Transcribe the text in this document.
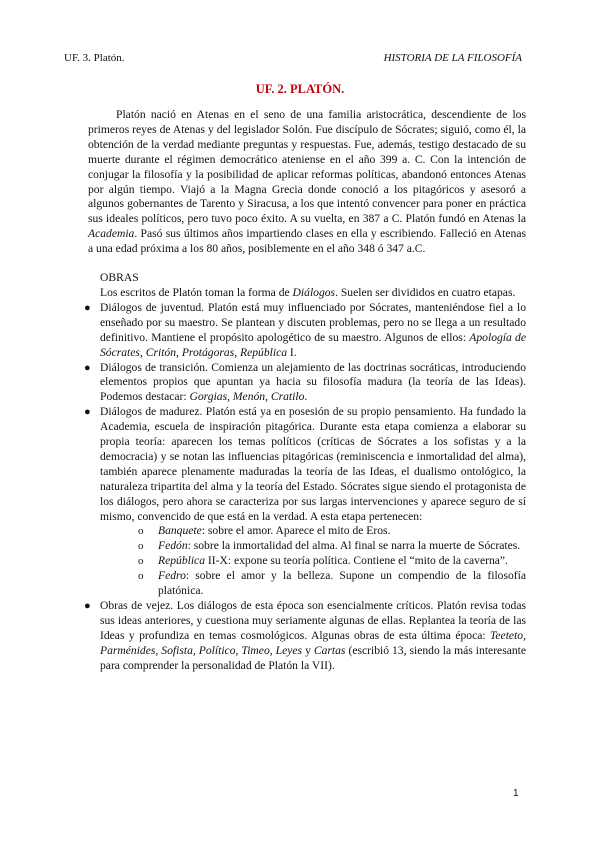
UF. 3. Platón.	HISTORIA DE LA FILOSOFÍA
UF. 2. PLATÓN.

Platón nació en Atenas en el seno de una familia aristocrática, descendiente de los primeros reyes de Atenas y del legislador Solón. Fue discípulo de Sócrates; siguió, como él, la obtención de la verdad mediante preguntas y respuestas. Fue, además, testigo destacado de su muerte durante el régimen democrático ateniense en el año 399 a. C. Con la intención de conjugar la filosofía y la posibilidad de aplicar reformas políticas, abandonó entonces Atenas por algún tiempo. Viajó a la Magna Grecia donde conoció a los pitagóricos y asesoró a algunos gobernantes de Tarento y Siracusa, a los que intentó convencer para poner en práctica sus ideales políticos, pero tuvo poco éxito. A su vuelta, en 387 a C. Platón fundó en Atenas la Academia. Pasó sus últimos años impartiendo clases en ella y escribiendo. Falleció en Atenas a una edad próxima a los 80 años, posiblemente en el año 348 ó 347 a.C.

OBRAS

Los escritos de Platón toman la forma de Diálogos. Suelen ser divididos en cuatro etapas.

● Diálogos de juventud. Platón está muy influenciado por Sócrates, manteniéndose fiel a lo enseñado por su maestro. Se plantean y discuten problemas, pero no se llega a un resultado definitivo. Mantiene el propósito apologético de su maestro. Algunos de ellos: Apología de Sócrates, Critón, Protágoras, República I.
● Diálogos de transición. Comienza un alejamiento de las doctrinas socráticas, introduciendo elementos propios que apuntan ya hacia su filosofía madura (la teoría de las Ideas). Podemos destacar: Gorgias, Menón, Cratilo.
● Diálogos de madurez. Platón está ya en posesión de su propio pensamiento. Ha fundado la Academia, escuela de inspiración pitagórica. Durante esta etapa comienza a elaborar su propia teoría: aparecen los temas políticos (críticas de Sócrates a los sofistas y a la democracia) y se notan las influencias pitagóricas (reminiscencia e inmortalidad del alma), también aparece plenamente maduradas la teoría de las Ideas, el dualismo ontológico, la naturaleza tripartita del alma y la teoría del Estado. Sócrates sigue siendo el protagonista de los diálogos, pero ahora se caracteriza por sus largas intervenciones y aparece seguro de sí mismo, convencido de que está en la verdad. A esta etapa pertenecen:
o Banquete: sobre el amor. Aparece el mito de Eros.
o Fedón: sobre la inmortalidad del alma. Al final se narra la muerte de Sócrates.
o República II-X: expone su teoría política. Contiene el “mito de la caverna”.
o Fedro: sobre el amor y la belleza. Supone un compendio de la filosofía platónica.
● Obras de vejez. Los diálogos de esta época son esencialmente críticos. Platón revisa todas sus ideas anteriores, y cuestiona muy seriamente algunas de ellas. Replantea la teoría de las Ideas y profundiza en temas cosmológicos. Algunas obras de esta última época: Teeteto, Parménides, Sofista, Político, Timeo, Leyes y Cartas (escribió 13, siendo la más interesante para comprender la personalidad de Platón la VII).
1
